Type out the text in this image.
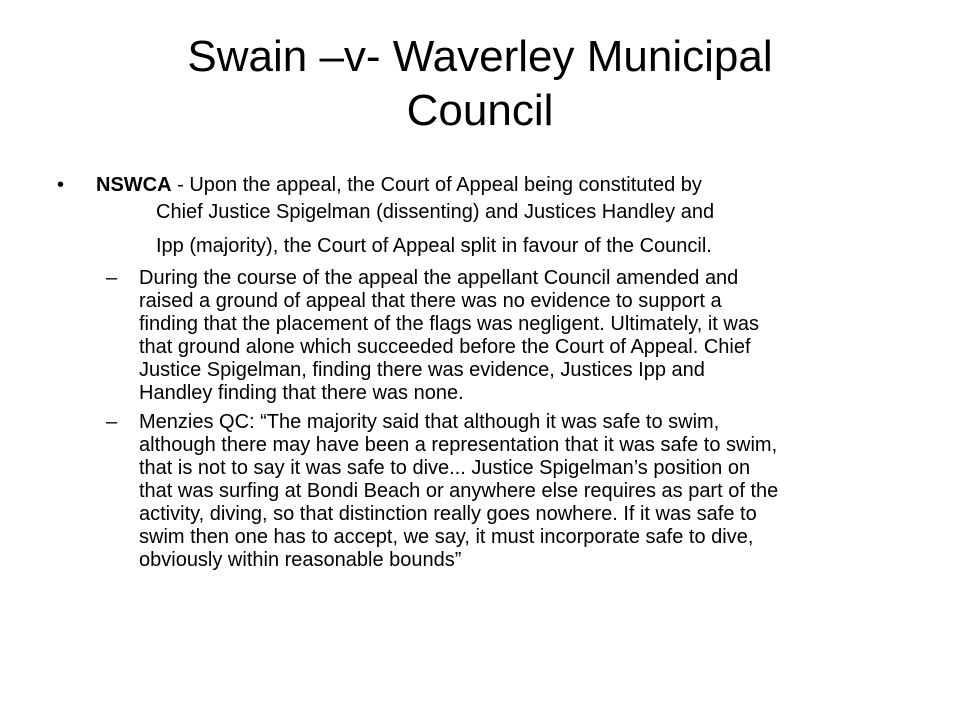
Swain –v- Waverley Municipal
Council
• NSWCA - Upon the appeal, the Court of Appeal being constituted by
Chief Justice Spigelman (dissenting) and Justices Handley and
Ipp (majority), the Court of Appeal split in favour of the Council.
– During the course of the appeal the appellant Council amended and
raised a ground of appeal that there was no evidence to support a
finding that the placement of the flags was negligent. Ultimately, it was
that ground alone which succeeded before the Court of Appeal. Chief
Justice Spigelman, finding there was evidence, Justices Ipp and
Handley finding that there was none.
– Menzies QC: “The majority said that although it was safe to swim,
although there may have been a representation that it was safe to swim,
that is not to say it was safe to dive... Justice Spigelman’s position on
that was surfing at Bondi Beach or anywhere else requires as part of the
activity, diving, so that distinction really goes nowhere. If it was safe to
swim then one has to accept, we say, it must incorporate safe to dive,
obviously within reasonable bounds”
